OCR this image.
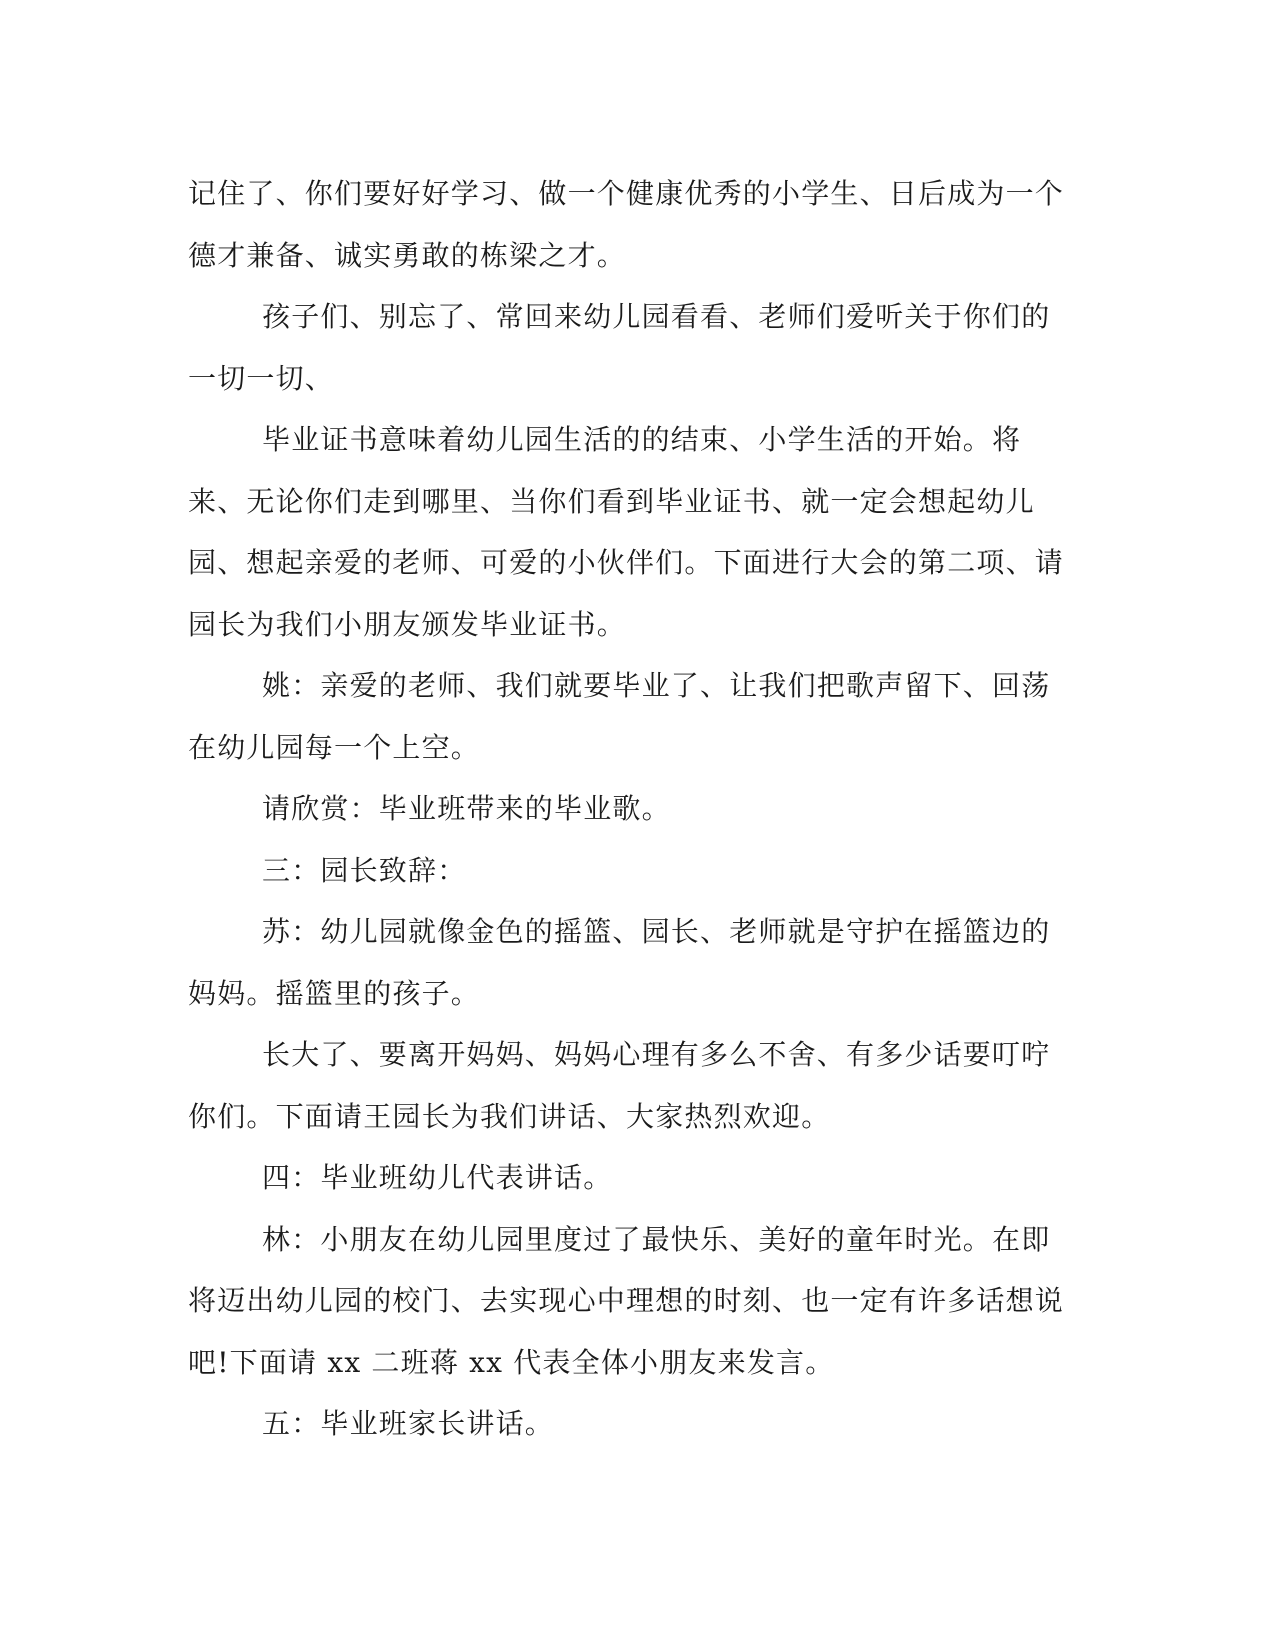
记住了、你们要好好学习、做一个健康优秀的小学生、日后成为一个德才兼备、诚实勇敢的栋梁之才。

孩子们、别忘了、常回来幼儿园看看、老师们爱听关于你们的一切一切、

毕业证书意味着幼儿园生活的的结束、小学生活的开始。将来、无论你们走到哪里、当你们看到毕业证书、就一定会想起幼儿园、想起亲爱的老师、可爱的小伙伴们。下面进行大会的第二项、请园长为我们小朋友颁发毕业证书。

姚：亲爱的老师、我们就要毕业了、让我们把歌声留下、回荡在幼儿园每一个上空。

请欣赏：毕业班带来的毕业歌。

三：园长致辞：

苏：幼儿园就像金色的摇篮、园长、老师就是守护在摇篮边的妈妈。摇篮里的孩子。

长大了、要离开妈妈、妈妈心理有多么不舍、有多少话要叮咛你们。下面请王园长为我们讲话、大家热烈欢迎。

四：毕业班幼儿代表讲话。

林：小朋友在幼儿园里度过了最快乐、美好的童年时光。在即将迈出幼儿园的校门、去实现心中理想的时刻、也一定有许多话想说吧!下面请 xx 二班蒋 xx 代表全体小朋友来发言。

五：毕业班家长讲话。
